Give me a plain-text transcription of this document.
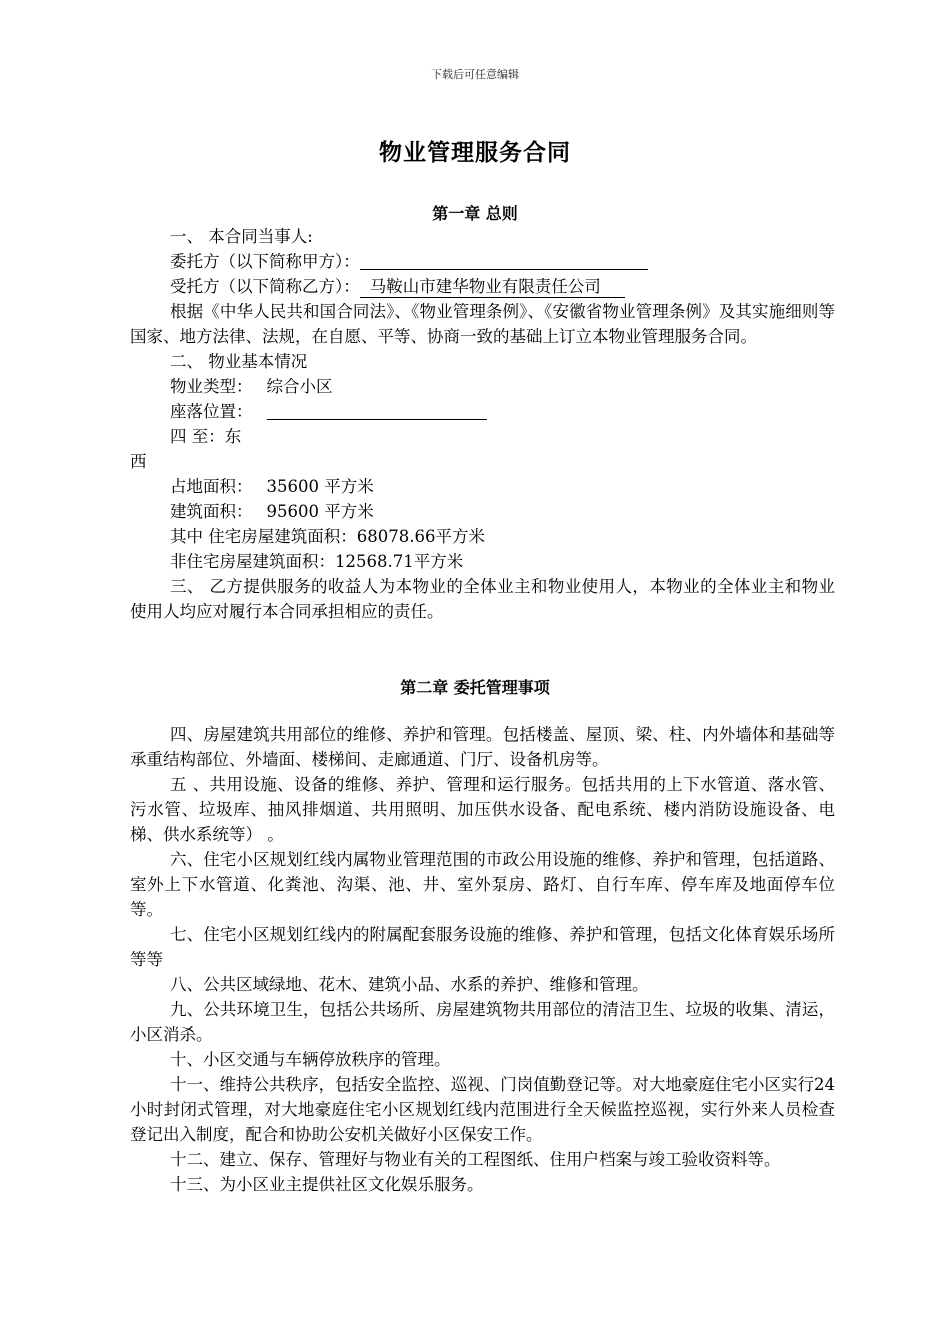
下载后可任意编辑
物业管理服务合同
第一章 总则
一、 本合同当事人:
委托方（以下简称甲方）：
受托方（以下简称乙方）： 马鞍山市建华物业有限责任公司
根据《中华人民共和国合同法》、《物业管理条例》、《安徽省物业管理条例》及其实施细则等国家、地方法律、法规，在自愿、平等、协商一致的基础上订立本物业管理服务合同。
二、 物业基本情况
物业类型： 综合小区
座落位置：
四 至：东
西
占地面积： 35600 平方米
建筑面积： 95600 平方米
其中 住宅房屋建筑面积：68078.66平方米
非住宅房屋建筑面积：12568.71平方米
三、 乙方提供服务的收益人为本物业的全体业主和物业使用人，本物业的全体业主和物业使用人均应对履行本合同承担相应的责任。
第二章 委托管理事项
四、房屋建筑共用部位的维修、养护和管理。包括楼盖、屋顶、梁、柱、内外墙体和基础等承重结构部位、外墙面、楼梯间、走廊通道、门厅、设备机房等。
五 、共用设施、设备的维修、养护、管理和运行服务。包括共用的上下水管道、落水管、污水管、垃圾库、抽风排烟道、共用照明、加压供水设备、配电系统、楼内消防设施设备、电梯、供水系统等） 。
六、住宅小区规划红线内属物业管理范围的市政公用设施的维修、养护和管理，包括道路、室外上下水管道、化粪池、沟渠、池、井、室外泵房、路灯、自行车库、停车库及地面停车位等。
七、住宅小区规划红线内的附属配套服务设施的维修、养护和管理，包括文化体育娱乐场所等等
八、公共区域绿地、花木、建筑小品、水系的养护、维修和管理。
九、公共环境卫生，包括公共场所、房屋建筑物共用部位的清洁卫生、垃圾的收集、清运，小区消杀。
十、小区交通与车辆停放秩序的管理。
十一、维持公共秩序，包括安全监控、巡视、门岗值勤登记等。对大地豪庭住宅小区实行24小时封闭式管理，对大地豪庭住宅小区规划红线内范围进行全天候监控巡视，实行外来人员检查登记出入制度，配合和协助公安机关做好小区保安工作。
十二、建立、保存、管理好与物业有关的工程图纸、住用户档案与竣工验收资料等。
十三、为小区业主提供社区文化娱乐服务。
